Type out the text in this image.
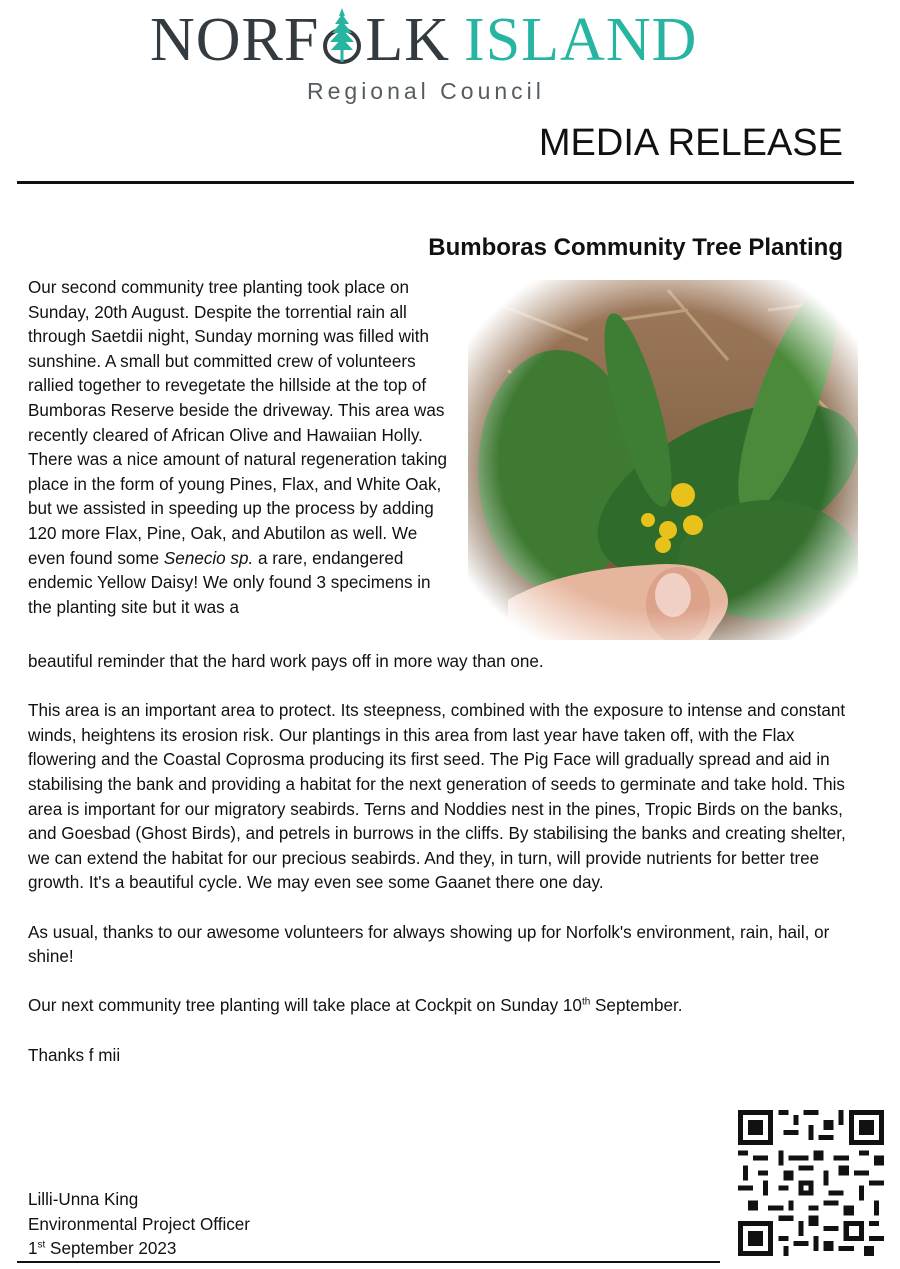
NORF LK ISLAND
Regional Council
MEDIA RELEASE
Bumboras Community Tree Planting

Our second community tree planting took place on Sunday, 20th August. Despite the torrential rain all through Saetdii night, Sunday morning was filled with sunshine. A small but committed crew of volunteers rallied together to revegetate the hillside at the top of Bumboras Reserve beside the driveway. This area was recently cleared of African Olive and Hawaiian Holly. There was a nice amount of natural regeneration taking place in the form of young Pines, Flax, and White Oak, but we assisted in speeding up the process by adding 120 more Flax, Pine, Oak, and Abutilon as well. We even found some Senecio sp. a rare, endangered endemic Yellow Daisy! We only found 3 specimens in the planting site but it was a
beautiful reminder that the hard work pays off in more way than one.

This area is an important area to protect. Its steepness, combined with the exposure to intense and constant winds, heightens its erosion risk. Our plantings in this area from last year have taken off, with the Flax flowering and the Coastal Coprosma producing its first seed. The Pig Face will gradually spread and aid in stabilising the bank and providing a habitat for the next generation of seeds to germinate and take hold. This area is important for our migratory seabirds. Terns and Noddies nest in the pines, Tropic Birds on the banks, and Goesbad (Ghost Birds), and petrels in burrows in the cliffs. By stabilising the banks and creating shelter, we can extend the habitat for our precious seabirds. And they, in turn, will provide nutrients for better tree growth. It's a beautiful cycle. We may even see some Gaanet there one day.

As usual, thanks to our awesome volunteers for always showing up for Norfolk's environment, rain, hail, or shine!

Our next community tree planting will take place at Cockpit on Sunday 10th September.

Thanks f mii

Lilli-Unna King
Environmental Project Officer
1st September 2023
